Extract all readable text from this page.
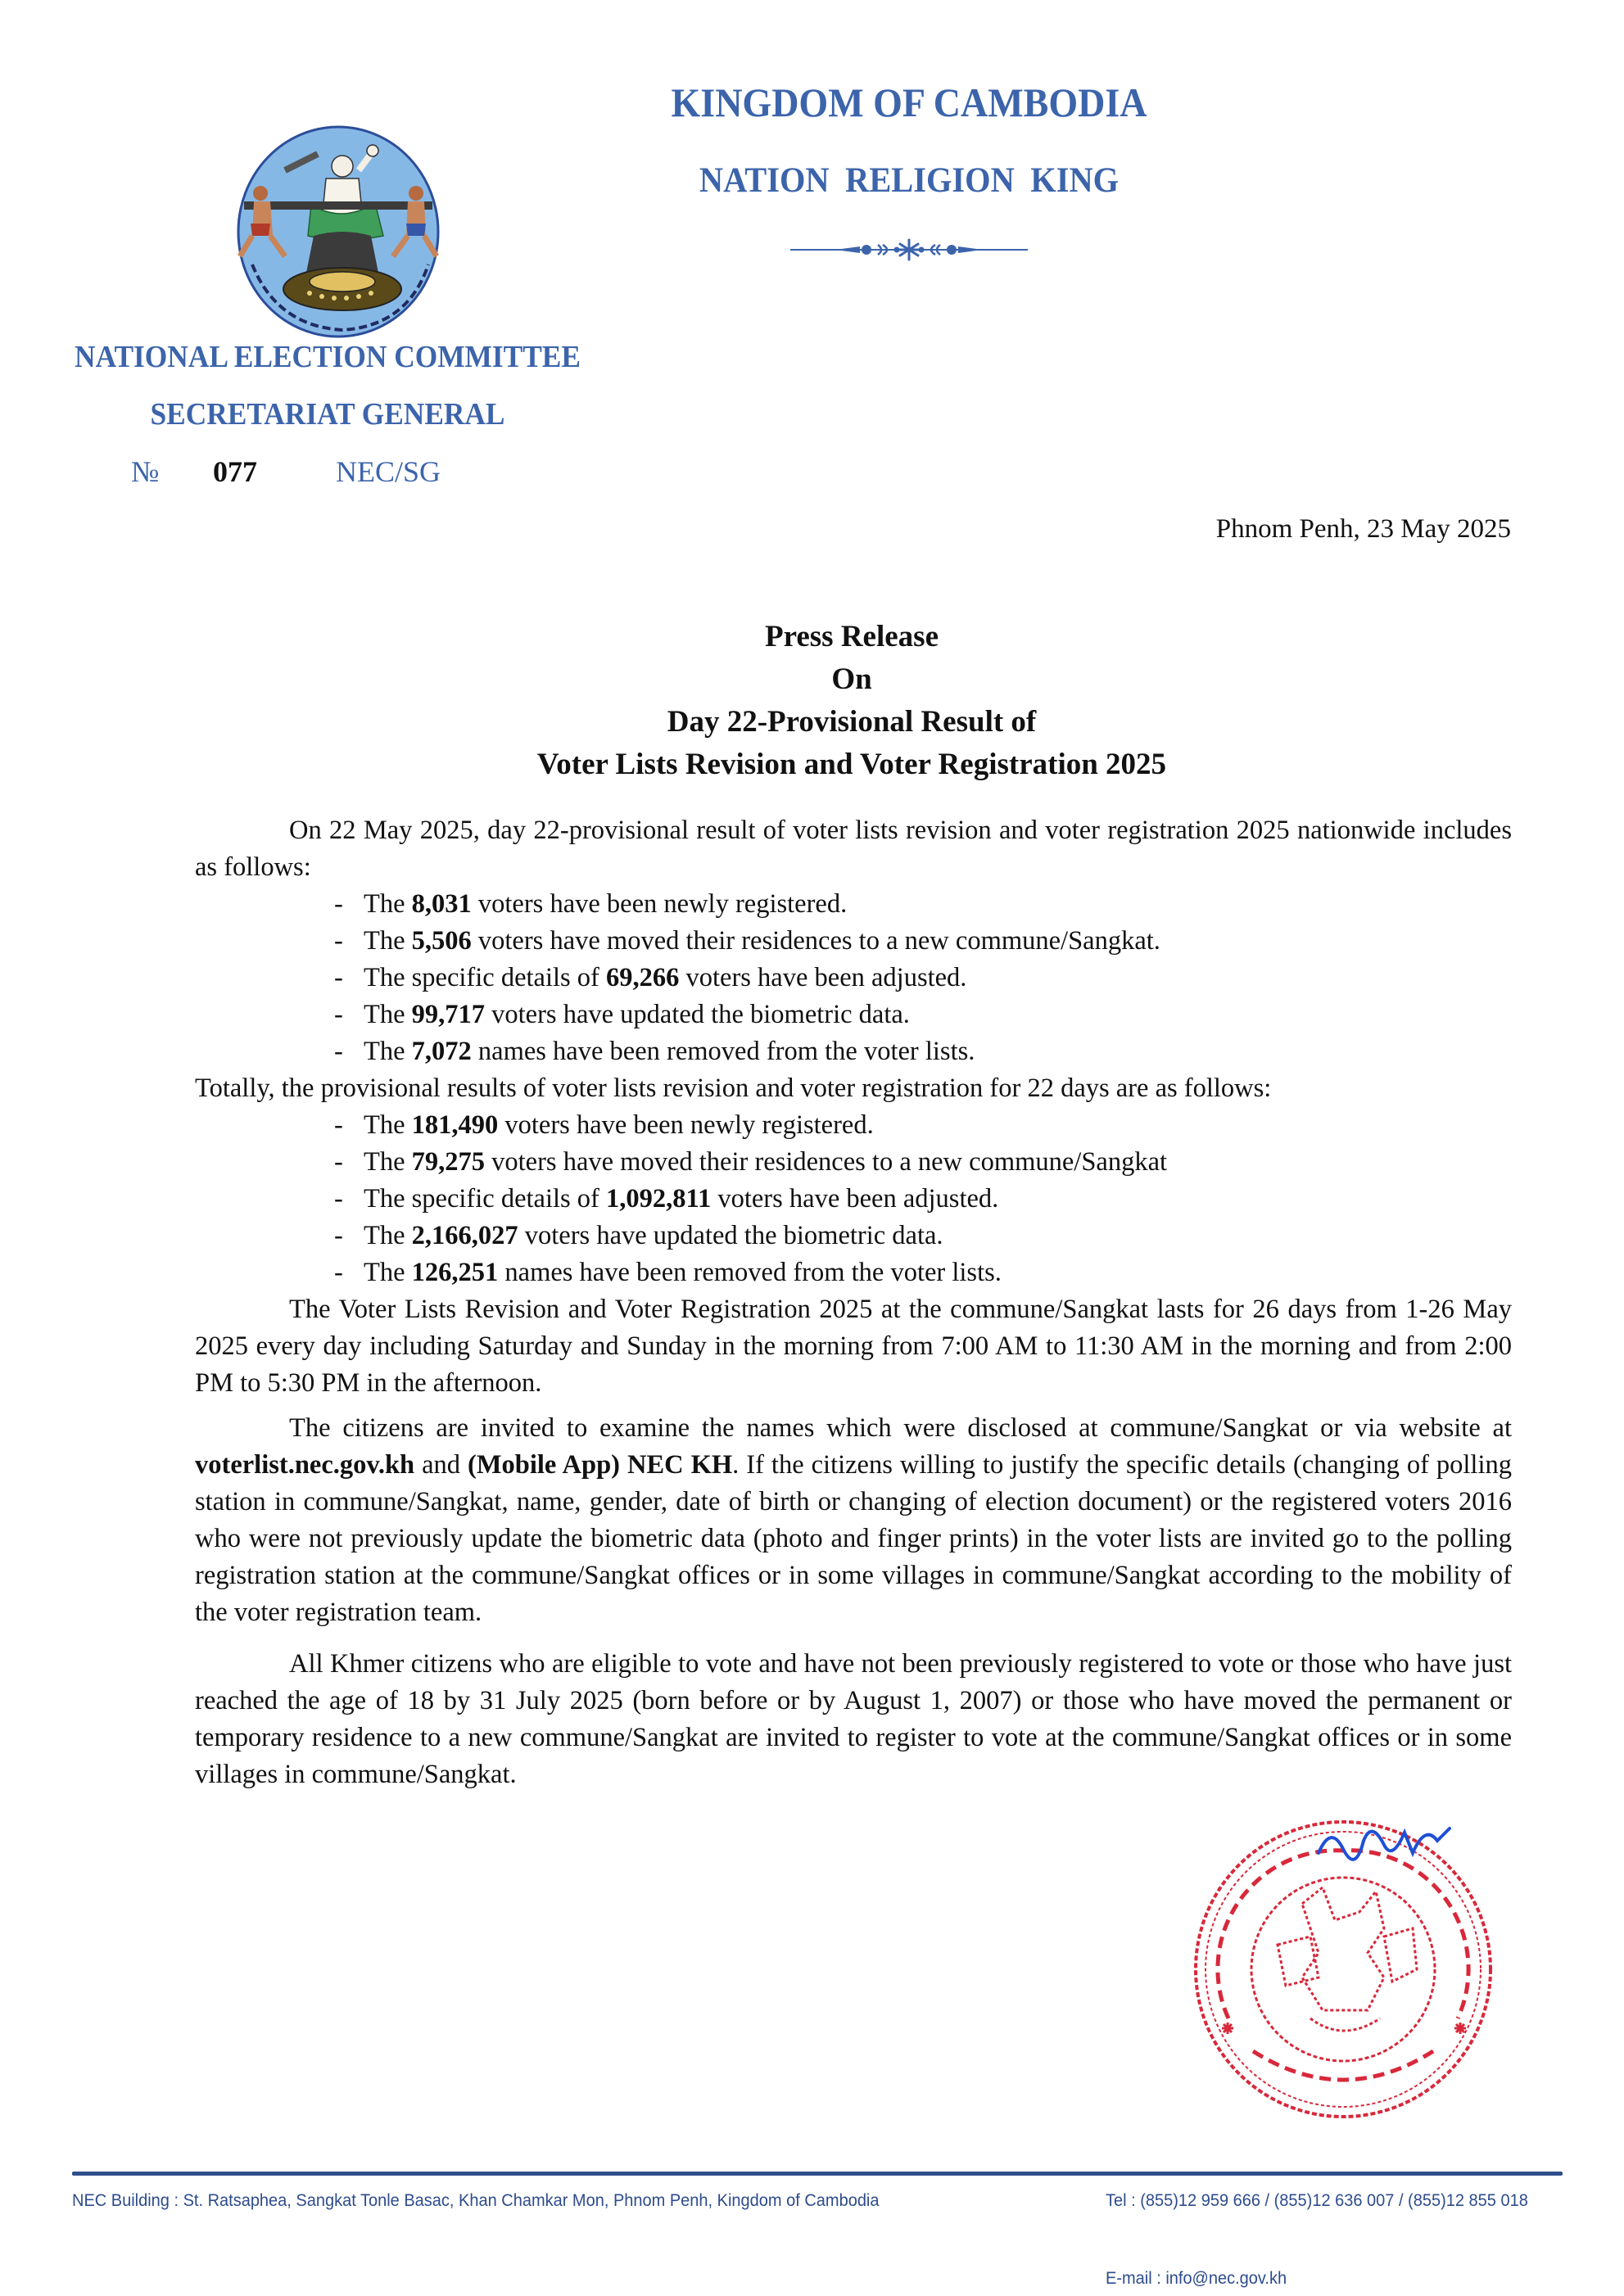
KINGDOM OF CAMBODIA
NATION RELIGION KING
NATIONAL ELECTION COMMITTEE
SECRETARIAT GENERAL
№ 077	NEC/SG
Phnom Penh, 23 May 2025
Press Release
On
Day 22-Provisional Result of
Voter Lists Revision and Voter Registration 2025

On 22 May 2025, day 22-provisional result of voter lists revision and voter registration 2025 nationwide includes as follows:

- The 8,031 voters have been newly registered.
- The 5,506 voters have moved their residences to a new commune/Sangkat.
- The specific details of 69,266 voters have been adjusted.
- The 99,717 voters have updated the biometric data.
- The 7,072 names have been removed from the voter lists.

Totally, the provisional results of voter lists revision and voter registration for 22 days are as follows:

- The 181,490 voters have been newly registered.
- The 79,275 voters have moved their residences to a new commune/Sangkat
- The specific details of 1,092,811 voters have been adjusted.
- The 2,166,027 voters have updated the biometric data.
- The 126,251 names have been removed from the voter lists.

The Voter Lists Revision and Voter Registration 2025 at the commune/Sangkat lasts for 26 days from 1-26 May 2025 every day including Saturday and Sunday in the morning from 7:00 AM to 11:30 AM in the morning and from 2:00 PM to 5:30 PM in the afternoon.

The citizens are invited to examine the names which were disclosed at commune/Sangkat or via website at voterlist.nec.gov.kh and (Mobile App) NEC KH. If the citizens willing to justify the specific details (changing of polling station in commune/Sangkat, name, gender, date of birth or changing of election document) or the registered voters 2016 who were not previously update the biometric data (photo and finger prints) in the voter lists are invited go to the polling registration station at the commune/Sangkat offices or in some villages in commune/Sangkat according to the mobility of the voter registration team.

All Khmer citizens who are eligible to vote and have not been previously registered to vote or those who have just reached the age of 18 by 31 July 2025 (born before or by August 1, 2007) or those who have moved the permanent or temporary residence to a new commune/Sangkat are invited to register to vote at the commune/Sangkat offices or in some villages in commune/Sangkat.

NEC Building : St. Ratsaphea, Sangkat Tonle Basac, Khan Chamkar Mon, Phnom Penh, Kingdom of Cambodia	Tel : (855)12 959 666 / (855)12 636 007 / (855)12 855 018
E-mail : info@nec.gov.kh
